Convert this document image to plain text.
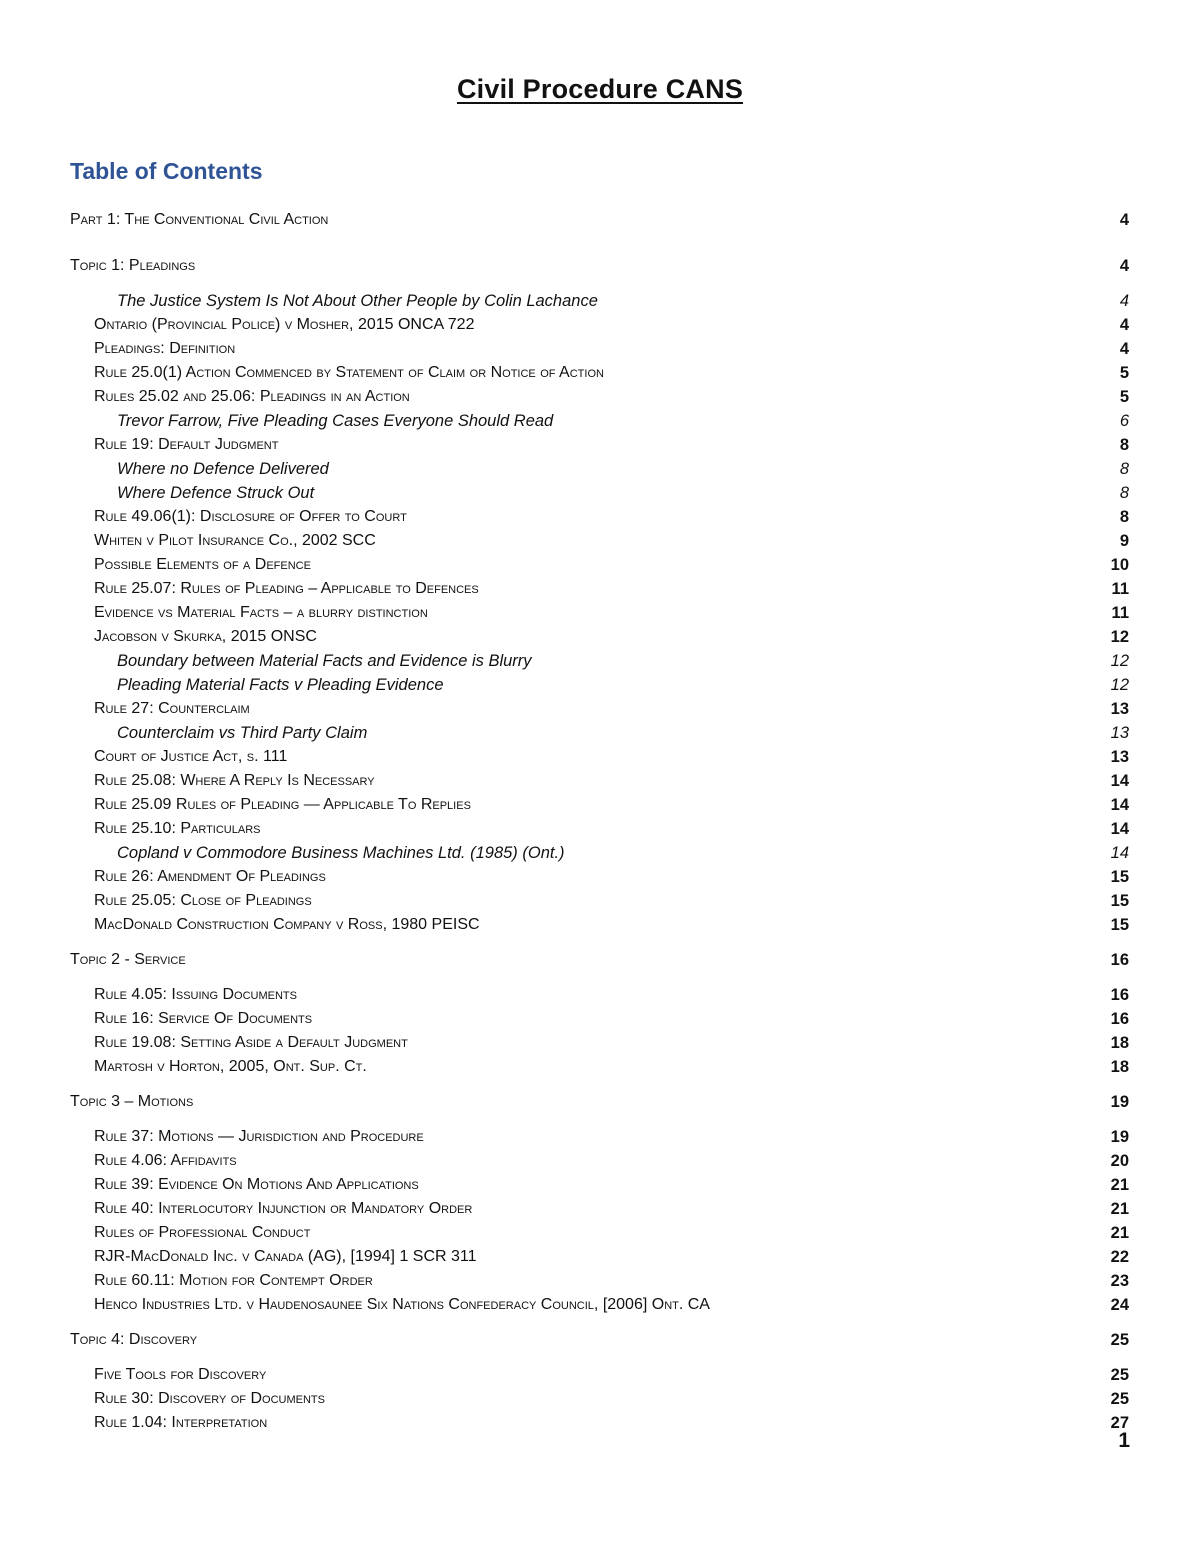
Civil Procedure CANS
Table of Contents
Part 1: The Conventional Civil Action	4
Topic 1: Pleadings	4
The Justice System Is Not About Other People by Colin Lachance	4
Ontario (Provincial Police) v Mosher, 2015 ONCA 722	4
Pleadings: Definition	4
Rule 25.0(1) Action Commenced by Statement of Claim or Notice of Action	5
Rules 25.02 and 25.06: Pleadings in an Action	5
Trevor Farrow, Five Pleading Cases Everyone Should Read	6
Rule 19: Default Judgment	8
Where no Defence Delivered	8
Where Defence Struck Out	8
Rule 49.06(1): Disclosure of Offer to Court	8
Whiten v Pilot Insurance Co., 2002 SCC	9
Possible Elements of a Defence	10
Rule 25.07: Rules of Pleading – Applicable to Defences	11
Evidence vs Material Facts – a blurry distinction	11
Jacobson v Skurka, 2015 ONSC	12
Boundary between Material Facts and Evidence is Blurry	12
Pleading Material Facts v Pleading Evidence	12
Rule 27: Counterclaim	13
Counterclaim vs Third Party Claim	13
Court of Justice Act, s. 111	13
Rule 25.08: Where A Reply Is Necessary	14
Rule 25.09 Rules of Pleading — Applicable To Replies	14
Rule 25.10: Particulars	14
Copland v Commodore Business Machines Ltd. (1985) (Ont.)	14
Rule 26: Amendment Of Pleadings	15
Rule 25.05: Close of Pleadings	15
MacDonald Construction Company v Ross, 1980 PEISC	15
Topic 2 - Service	16
Rule 4.05: Issuing Documents	16
Rule 16: Service Of Documents	16
Rule 19.08: Setting Aside a Default Judgment	18
Martosh v Horton, 2005, Ont. Sup. Ct.	18
Topic 3 – Motions	19
Rule 37: Motions — Jurisdiction and Procedure	19
Rule 4.06: Affidavits	20
Rule 39: Evidence On Motions And Applications	21
Rule 40: Interlocutory Injunction or Mandatory Order	21
Rules of Professional Conduct	21
RJR-MacDonald Inc. v Canada (AG), [1994] 1 SCR 311	22
Rule 60.11: Motion for Contempt Order	23
Henco Industries Ltd. v Haudenosaunee Six Nations Confederacy Council, [2006] Ont. CA	24
Topic 4: Discovery	25
Five Tools for Discovery	25
Rule 30: Discovery of Documents	25
Rule 1.04: Interpretation	27
1
